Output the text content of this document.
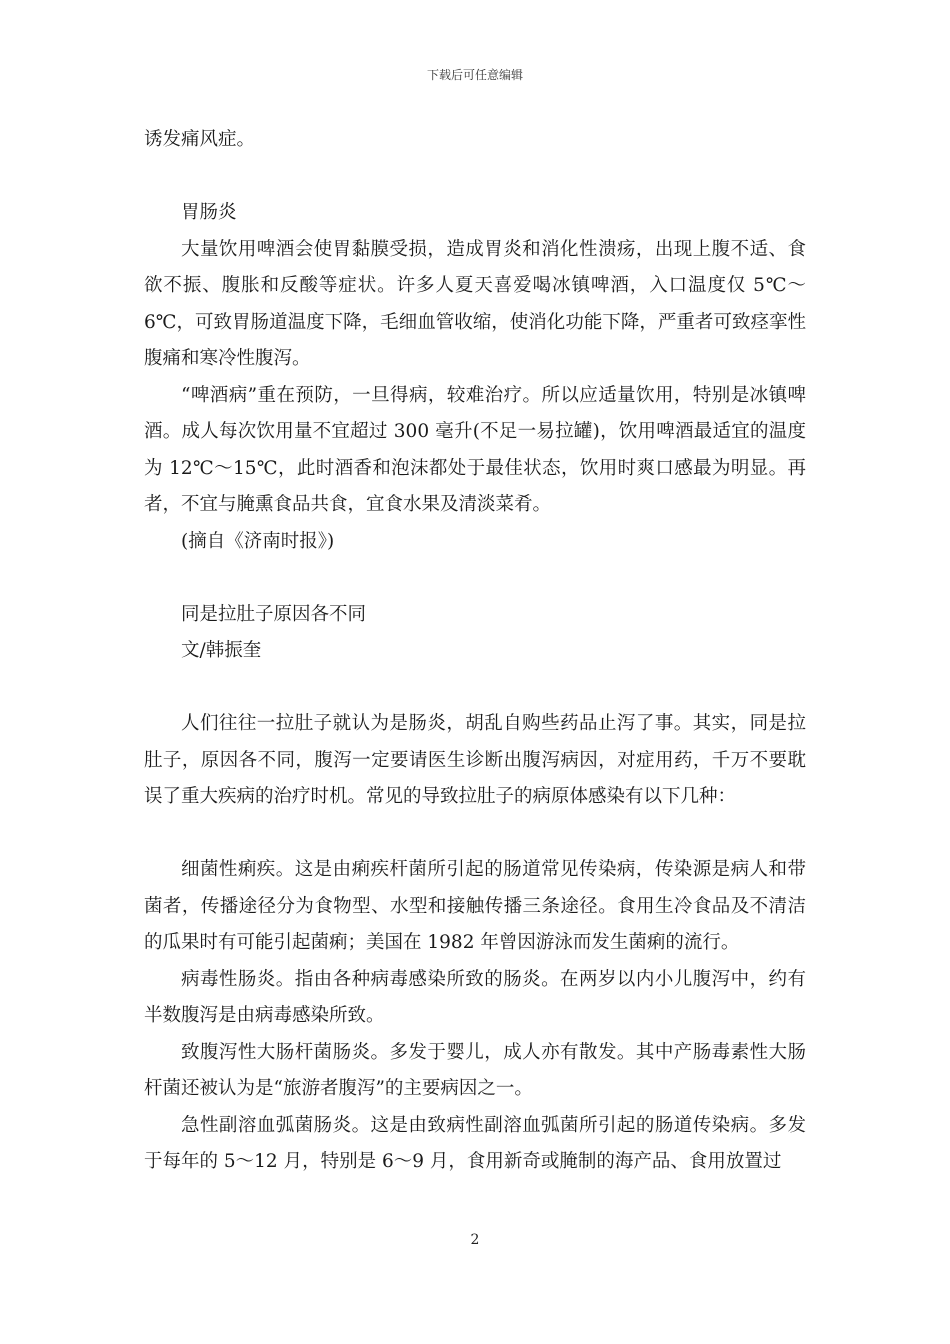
下载后可任意编辑

诱发痛风症。

胃肠炎

大量饮用啤酒会使胃黏膜受损，造成胃炎和消化性溃疡，出现上腹不适、食欲不振、腹胀和反酸等症状。许多人夏天喜爱喝冰镇啤酒，入口温度仅 5℃～6℃，可致胃肠道温度下降，毛细血管收缩，使消化功能下降，严重者可致痉挛性腹痛和寒冷性腹泻。

“啤酒病”重在预防，一旦得病，较难治疗。所以应适量饮用，特别是冰镇啤酒。成人每次饮用量不宜超过 300 毫升(不足一易拉罐)，饮用啤酒最适宜的温度为 12℃～15℃，此时酒香和泡沫都处于最佳状态，饮用时爽口感最为明显。再者，不宜与腌熏食品共食，宜食水果及清淡菜肴。

(摘自《济南时报》)

同是拉肚子原因各不同

文/韩振奎

人们往往一拉肚子就认为是肠炎，胡乱自购些药品止泻了事。其实，同是拉肚子，原因各不同，腹泻一定要请医生诊断出腹泻病因，对症用药，千万不要耽误了重大疾病的治疗时机。常见的导致拉肚子的病原体感染有以下几种：

细菌性痢疾。这是由痢疾杆菌所引起的肠道常见传染病，传染源是病人和带菌者，传播途径分为食物型、水型和接触传播三条途径。食用生冷食品及不清洁的瓜果时有可能引起菌痢；美国在 1982 年曾因游泳而发生菌痢的流行。

病毒性肠炎。指由各种病毒感染所致的肠炎。在两岁以内小儿腹泻中，约有半数腹泻是由病毒感染所致。

致腹泻性大肠杆菌肠炎。多发于婴儿，成人亦有散发。其中产肠毒素性大肠杆菌还被认为是“旅游者腹泻”的主要病因之一。

急性副溶血弧菌肠炎。这是由致病性副溶血弧菌所引起的肠道传染病。多发于每年的 5～12 月，特别是 6～9 月，食用新奇或腌制的海产品、食用放置过

2
